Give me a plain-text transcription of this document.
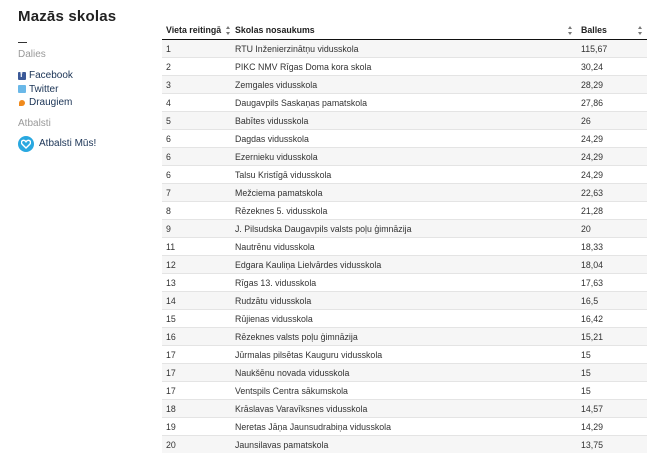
Mazās skolas
Dalies
f
Facebook
Twitter
Draugiem
Atbalsti
Atbalsti Mūs!
Vieta reitingā	Skolas nosaukums	Balles

1	RTU Inženierzinātņu vidusskola	115,67
2	PIKC NMV Rīgas Doma kora skola	30,24
3	Zemgales vidusskola	28,29
4	Daugavpils Saskaņas pamatskola	27,86
5	Babītes vidusskola	26
6	Dagdas vidusskola	24,29
6	Ezernieku vidusskola	24,29
6	Talsu Kristīgā vidusskola	24,29
7	Mežciema pamatskola	22,63
8	Rēzeknes 5. vidusskola	21,28
9	J. Pilsudska Daugavpils valsts poļu ģimnāzija	20
11	Nautrēnu vidusskola	18,33
12	Edgara Kauliņa Lielvārdes vidusskola	18,04
13	Rīgas 13. vidusskola	17,63
14	Rudzātu vidusskola	16,5
15	Rūjienas vidusskola	16,42
16	Rēzeknes valsts poļu ģimnāzija	15,21
17	Jūrmalas pilsētas Kauguru vidusskola	15
17	Naukšēnu novada vidusskola	15
17	Ventspils Centra sākumskola	15
18	Krāslavas Varavīksnes vidusskola	14,57
19	Neretas Jāņa Jaunsudrabiņa vidusskola	14,29
20	Jaunsilavas pamatskola	13,75
